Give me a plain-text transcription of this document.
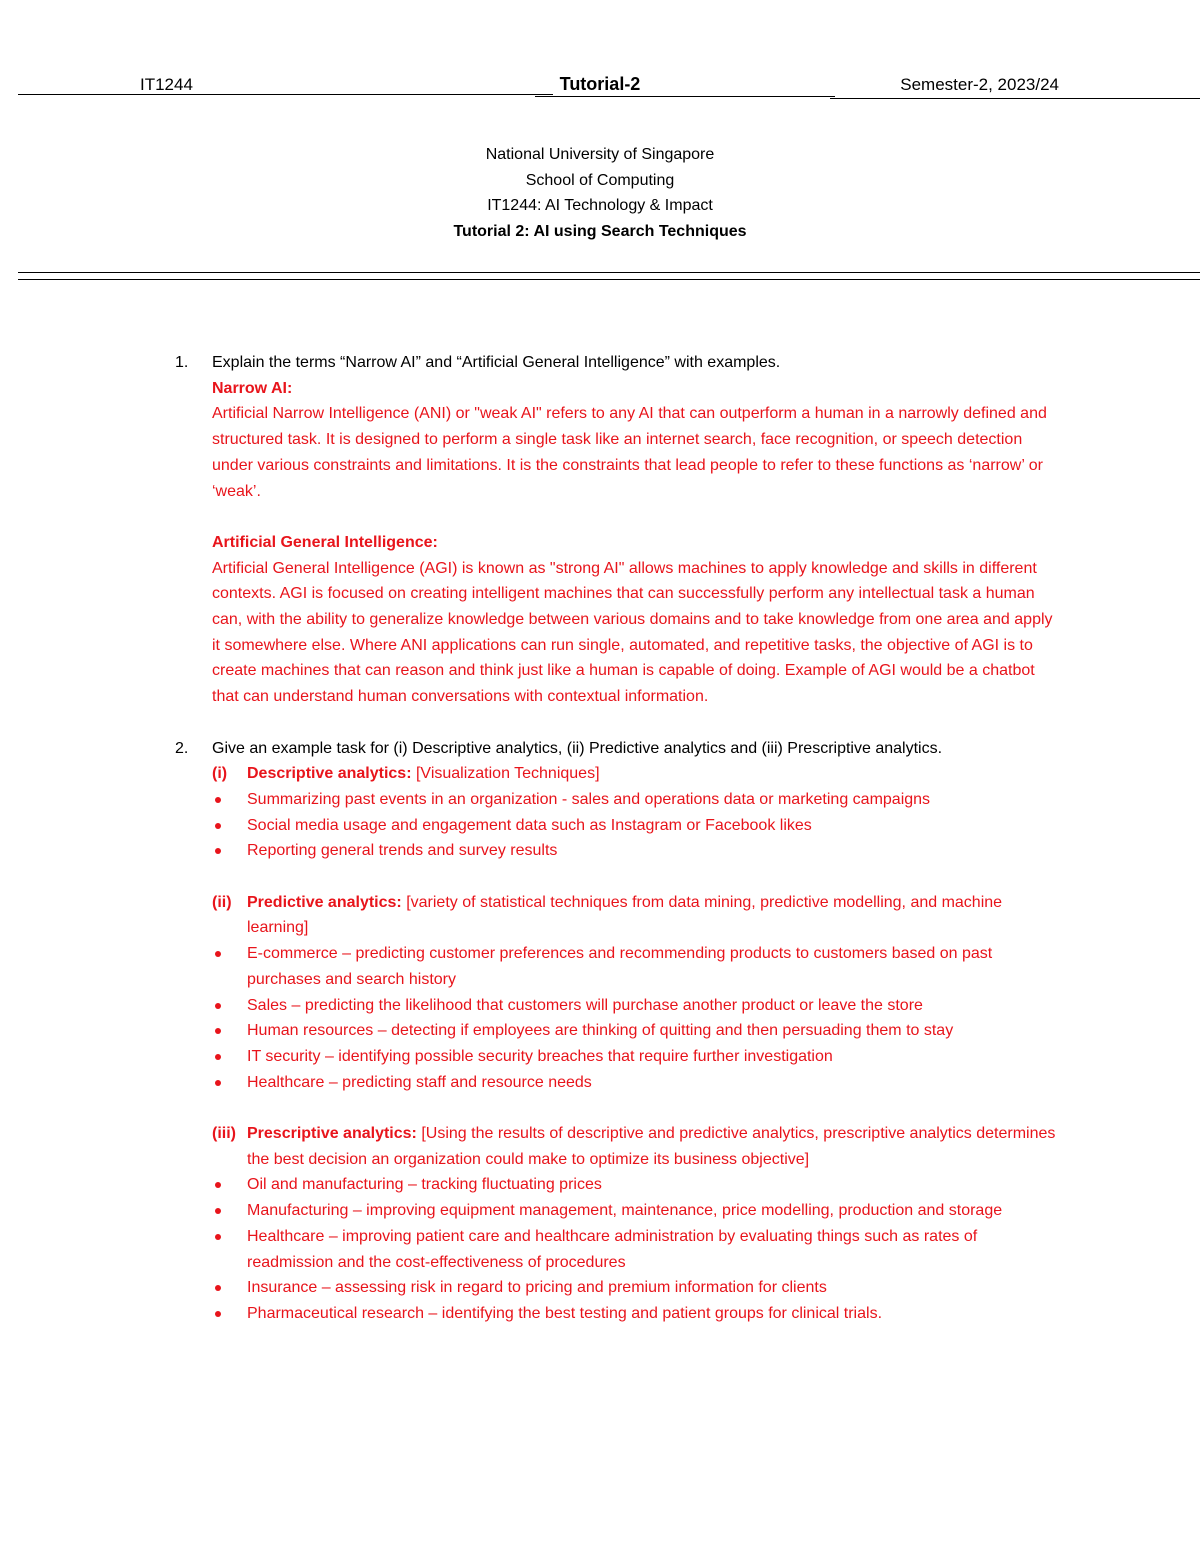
IT1244	Tutorial-2	Semester-2, 2023/24
National University of Singapore
School of Computing
IT1244: AI Technology & Impact
Tutorial 2: AI using Search Techniques
1. Explain the terms “Narrow AI” and “Artificial General Intelligence” with examples.
Narrow AI:
Artificial Narrow Intelligence (ANI) or "weak AI" refers to any AI that can outperform a human in a narrowly defined and structured task. It is designed to perform a single task like an internet search, face recognition, or speech detection under various constraints and limitations. It is the constraints that lead people to refer to these functions as ‘narrow’ or ‘weak’.
Artificial General Intelligence:
Artificial General Intelligence (AGI) is known as "strong AI" allows machines to apply knowledge and skills in different contexts. AGI is focused on creating intelligent machines that can successfully perform any intellectual task a human can, with the ability to generalize knowledge between various domains and to take knowledge from one area and apply it somewhere else. Where ANI applications can run single, automated, and repetitive tasks, the objective of AGI is to create machines that can reason and think just like a human is capable of doing. Example of AGI would be a chatbot that can understand human conversations with contextual information.
2. Give an example task for (i) Descriptive analytics, (ii) Predictive analytics and (iii) Prescriptive analytics.
(i) Descriptive analytics: [Visualization Techniques]
Summarizing past events in an organization - sales and operations data or marketing campaigns
Social media usage and engagement data such as Instagram or Facebook likes
Reporting general trends and survey results
(ii) Predictive analytics: [variety of statistical techniques from data mining, predictive modelling, and machine learning]
E-commerce – predicting customer preferences and recommending products to customers based on past purchases and search history
Sales – predicting the likelihood that customers will purchase another product or leave the store
Human resources – detecting if employees are thinking of quitting and then persuading them to stay
IT security – identifying possible security breaches that require further investigation
Healthcare – predicting staff and resource needs
(iii) Prescriptive analytics: [Using the results of descriptive and predictive analytics, prescriptive analytics determines the best decision an organization could make to optimize its business objective]
Oil and manufacturing – tracking fluctuating prices
Manufacturing – improving equipment management, maintenance, price modelling, production and storage
Healthcare – improving patient care and healthcare administration by evaluating things such as rates of readmission and the cost-effectiveness of procedures
Insurance – assessing risk in regard to pricing and premium information for clients
Pharmaceutical research – identifying the best testing and patient groups for clinical trials.
